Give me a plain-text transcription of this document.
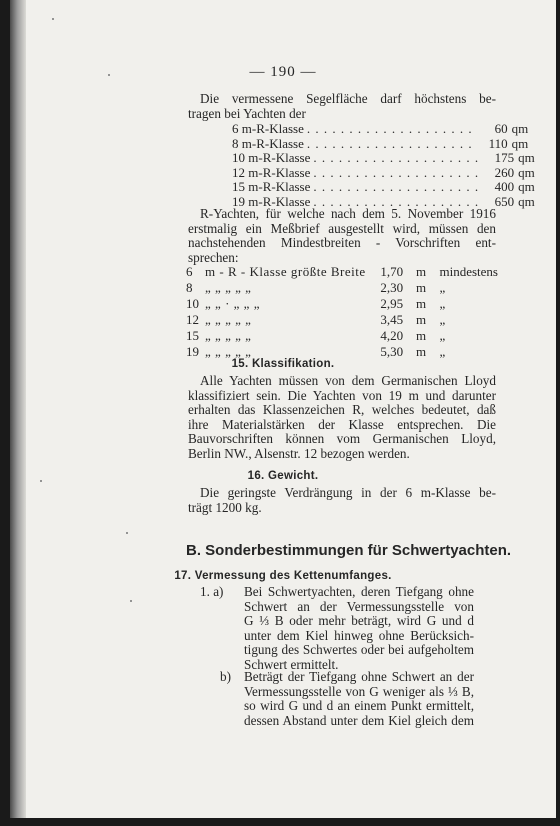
— 190 —

Die vermessene Segelfläche darf höchstens be-
tragen bei Yachten der

6 m-R-Klasse . . . . . . . . . . . . . . . . . . . .	60 qm
8 m-R-Klasse . . . . . . . . . . . . . . . . . . . .	110 qm
10 m-R-Klasse . . . . . . . . . . . . . . . . . . . .	175 qm
12 m-R-Klasse . . . . . . . . . . . . . . . . . . . .	260 qm
15 m-R-Klasse . . . . . . . . . . . . . . . . . . . .	400 qm
19 m-R-Klasse . . . . . . . . . . . . . . . . . . . .	650 qm

R-Yachten, für welche nach dem 5. November 1916
erstmalig ein Meßbrief ausgestellt wird, müssen den
nachstehenden Mindestbreiten - Vorschriften ent-
sprechen:

6	m - R - Klasse größte Breite		1,70	m	mindestens
8	„ „ „ „ „		2,30	m	„
10	„ „ · „ „ „		2,95	m	„
12	„ „ „ „ „		3,45	m	„
15	„ „ „ „ „		4,20	m	„
19	„ „ „ „ „		5,30	m	„
15. Klassifikation.

Alle Yachten müssen von dem Germanischen Lloyd
klassifiziert sein. Die Yachten von 19 m und darunter
erhalten das Klassenzeichen R, welches bedeutet, daß
ihre Materialstärken der Klasse entsprechen. Die
Bauvorschriften können vom Germanischen Lloyd,
Berlin NW., Alsenstr. 12 bezogen werden.

16. Gewicht.

Die geringste Verdrängung in der 6 m-Klasse be-
trägt 1200 kg.

B. Sonderbestimmungen für Schwertyachten.
17. Vermessung des Kettenumfanges.
1. a) Bei Schwertyachten, deren Tiefgang ohne
Schwert an der Vermessungsstelle von
G ⅓ B oder mehr beträgt, wird G und d
unter dem Kiel hinweg ohne Berücksich-
tigung des Schwertes oder bei aufgeholtem
Schwert ermittelt.
b) Beträgt der Tiefgang ohne Schwert an der
Vermessungsstelle von G weniger als ⅓ B,
so wird G und d an einem Punkt ermittelt,
dessen Abstand unter dem Kiel gleich dem
